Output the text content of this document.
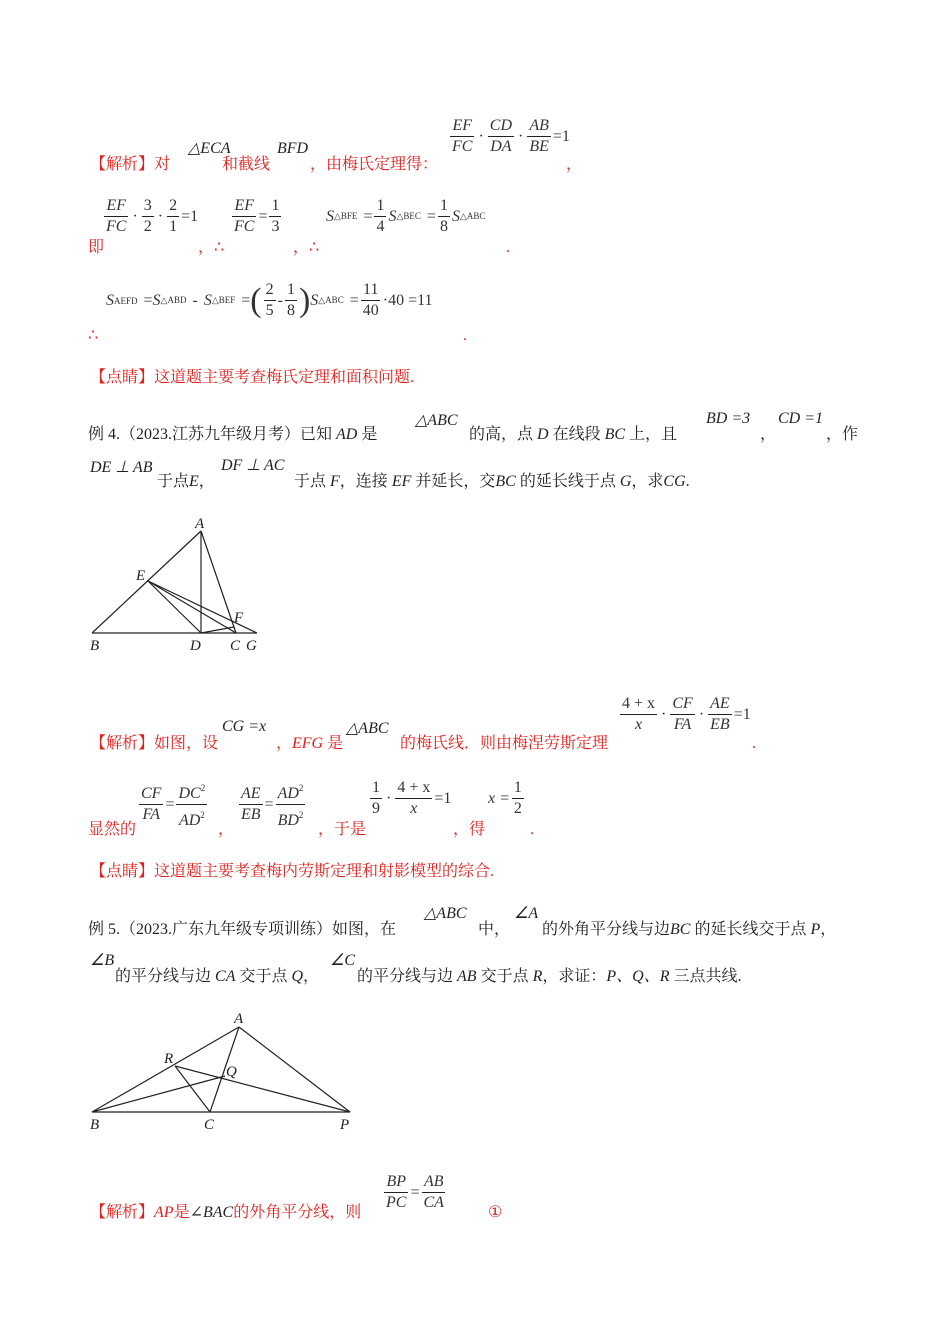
△ECA	BFD	$\frac{EF}{FC} \cdot \frac{CD}{DA} \cdot \frac{AB}{BE} =1$
【解析】对	和截线 ，由梅氏定理得：	，
$\frac{EF}{FC} \cdot \frac{3}{2} \cdot \frac{2}{1} =1 \frac{EF}{FC} = \frac{1}{3}$	S △BFE = $\frac{1}{4}$ S △BEC = $\frac{1}{8}$ S △ABC
即	， ∴	， ∴	.
S AEFD = S △ABD - S △BEF = ( $\frac{2}{5} - \frac{1}{8}$ ) S △ABC = $\frac{11}{40} \cdot 40 =11$
∴	.
【点睛】这道题主要考查梅氏定理和面积问题.
△ABC	BD =3 CD =1
例 4.（2023.江苏九年级月考）已知 AD 是	的高，点 D 在线段 BC 上，且	，	，作
DE ⊥ AB	DF ⊥ AC
于点E，	于点 F，连接 EF 并延长，交BC 的延长线于点 G，求CG.
A
B	D C G
E
F
$\frac{4 + x}{x} \cdot \frac{CF}{FA} \cdot \frac{AE}{EB} =1$
CG =x	△ABC
【解析】如图，设	， EFG 是	的梅氏线．则由梅涅劳斯定理	.
$\frac{CF}{FA} = \frac{DC^2}{AD^2} \frac{AE}{EB} = \frac{AD^2}{BD^2}$	$\frac{1}{9} \cdot \frac{4 + x}{x} =1$ $x = \frac{1}{2}$
显然的	，	，于是	，得	.
【点睛】这道题主要考查梅内劳斯定理和射影模型的综合.
△ABC	∠A
例 5.（2023.广东九年级专项训练）如图，在	中， 的外角平分线与边BC 的延长线交于点 P，
∠B	∠C
的平分线与边 CA 交于点 Q， 的平分线与边 AB 交于点 R，求证：P、Q、R 三点共线.
A
B	C	P
Q
R
$\frac{BP}{PC} = \frac{AB}{CA}$
【解析】AP是∠BAC的外角平分线，则	①
